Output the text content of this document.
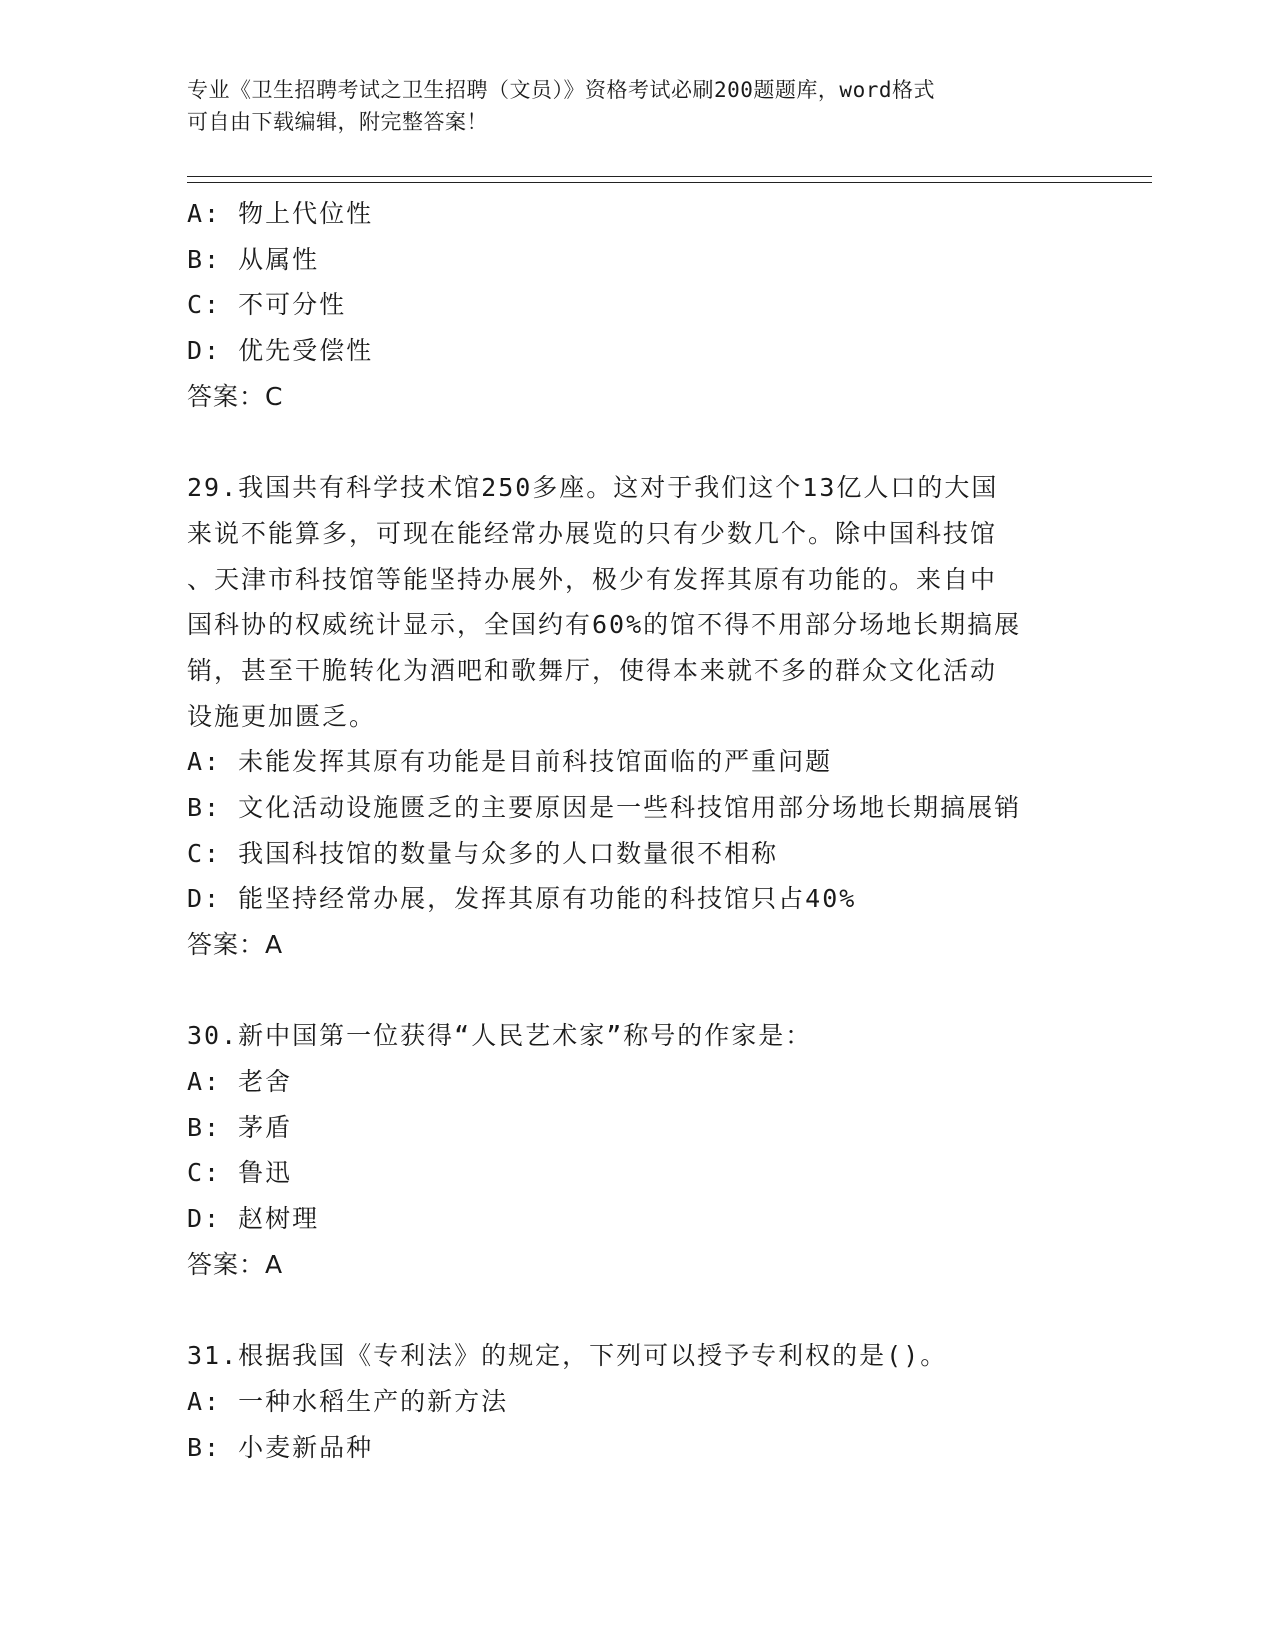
专业《卫生招聘考试之卫生招聘（文员）》资格考试必刷200题题库，word格式
可自由下载编辑，附完整答案！
A: 物上代位性
B: 从属性
C: 不可分性
D: 优先受偿性
答案：C
29.我国共有科学技术馆250多座。这对于我们这个13亿人口的大国
来说不能算多，可现在能经常办展览的只有少数几个。除中国科技馆
、天津市科技馆等能坚持办展外，极少有发挥其原有功能的。来自中
国科协的权威统计显示，全国约有60%的馆不得不用部分场地长期搞展
销，甚至干脆转化为酒吧和歌舞厅，使得本来就不多的群众文化活动
设施更加匮乏。
A: 未能发挥其原有功能是目前科技馆面临的严重问题
B: 文化活动设施匮乏的主要原因是一些科技馆用部分场地长期搞展销
C: 我国科技馆的数量与众多的人口数量很不相称
D: 能坚持经常办展，发挥其原有功能的科技馆只占40%
答案：A
30.新中国第一位获得“人民艺术家”称号的作家是：
A: 老舍
B: 茅盾
C: 鲁迅
D: 赵树理
答案：A
31.根据我国《专利法》的规定，下列可以授予专利权的是()。
A: 一种水稻生产的新方法
B: 小麦新品种
